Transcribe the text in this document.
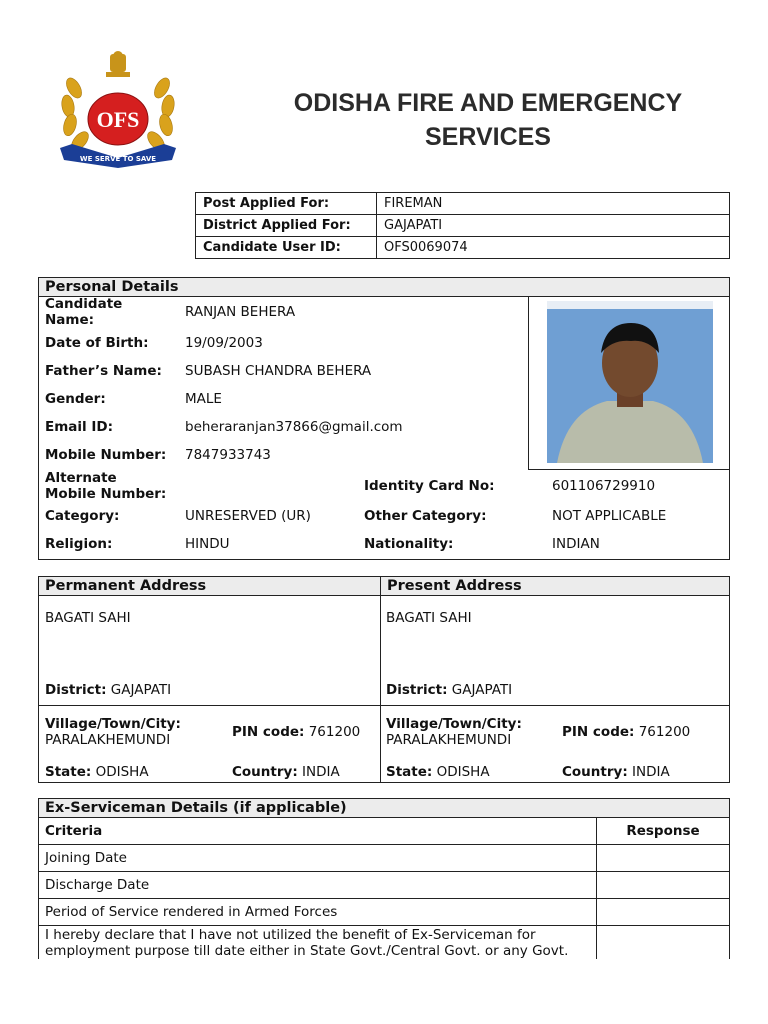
OFS
WE SERVE TO SAVE
ODISHA FIRE AND EMERGENCY
SERVICES
Post Applied For:	FIREMAN
District Applied For:	GAJAPATI
Candidate User ID:	OFS0069074
Personal Details
Candidate
Name:	RANJAN BEHERA
Date of Birth:	19/09/2003
Father’s Name: SUBASH CHANDRA BEHERA
Gender:	MALE
Email ID:	beheraranjan37866@gmail.com
Mobile Number: 7847933743
Alternate
Mobile Number:	Identity Card No:	601106729910
Category:	UNRESERVED (UR)	Other Category:	NOT APPLICABLE
Religion:	HINDU	Nationality:	INDIAN
Permanent Address	Present Address
BAGATI SAHI
District: GAJAPATI
Village/Town/City:
PARALAKHEMUNDI	PIN code: 761200
State: ODISHA	Country: INDIA
BAGATI SAHI
District: GAJAPATI
Village/Town/City:
PARALAKHEMUNDI	PIN code: 761200
State: ODISHA	Country: INDIA
Ex-Serviceman Details (if applicable)	
Criteria	Response
Joining Date	
Discharge Date	
Period of Service rendered in Armed Forces	
I hereby declare that I have not utilized the benefit of Ex-Serviceman for employment purpose till date either in State Govt./Central Govt. or any Govt.	
